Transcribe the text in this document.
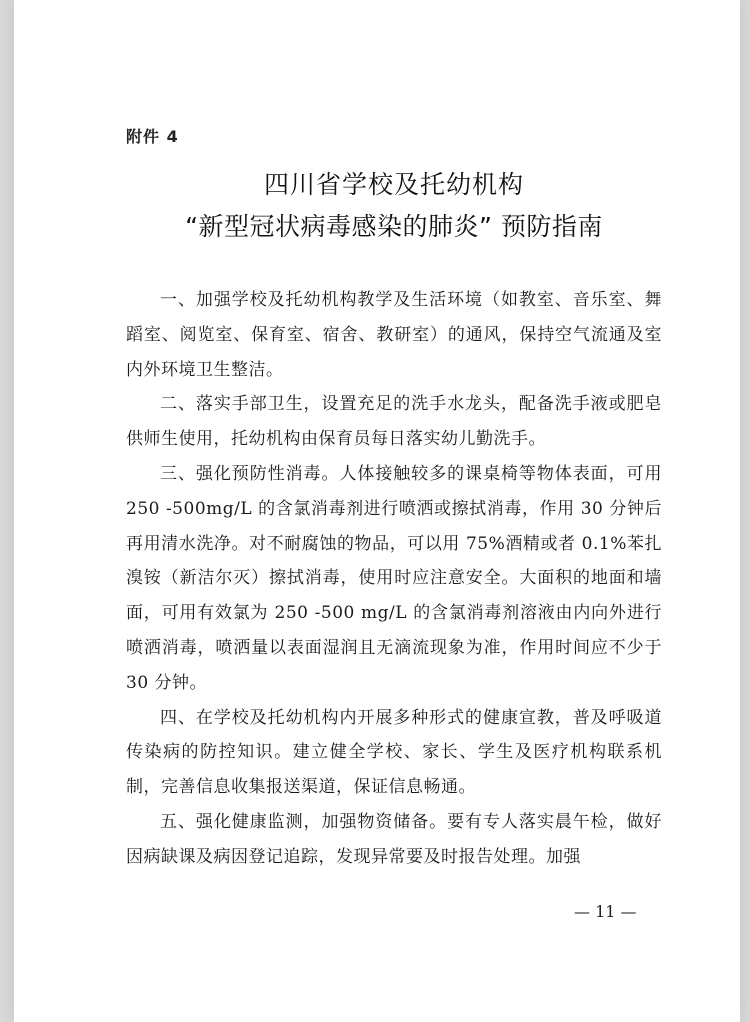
附件 4
四川省学校及托幼机构
“新型冠状病毒感染的肺炎” 预防指南

一、加强学校及托幼机构教学及生活环境（如教室、音乐室、舞蹈室、阅览室、保育室、宿舍、教研室）的通风，保持空气流通及室内外环境卫生整洁。

二、落实手部卫生，设置充足的洗手水龙头，配备洗手液或肥皂供师生使用，托幼机构由保育员每日落实幼儿勤洗手。

三、强化预防性消毒。人体接触较多的课桌椅等物体表面，可用 250 -500mg/L 的含氯消毒剂进行喷洒或擦拭消毒，作用 30 分钟后再用清水洗净。对不耐腐蚀的物品，可以用 75%酒精或者 0.1%苯扎溴铵（新洁尔灭）擦拭消毒，使用时应注意安全。大面积的地面和墙面，可用有效氯为 250 -500 mg/L 的含氯消毒剂溶液由内向外进行喷洒消毒，喷洒量以表面湿润且无滴流现象为准，作用时间应不少于 30 分钟。

四、在学校及托幼机构内开展多种形式的健康宣教，普及呼吸道传染病的防控知识。建立健全学校、家长、学生及医疗机构联系机制，完善信息收集报送渠道，保证信息畅通。

五、强化健康监测，加强物资储备。要有专人落实晨午检，做好因病缺课及病因登记追踪，发现异常要及时报告处理。加强

— 11 —
